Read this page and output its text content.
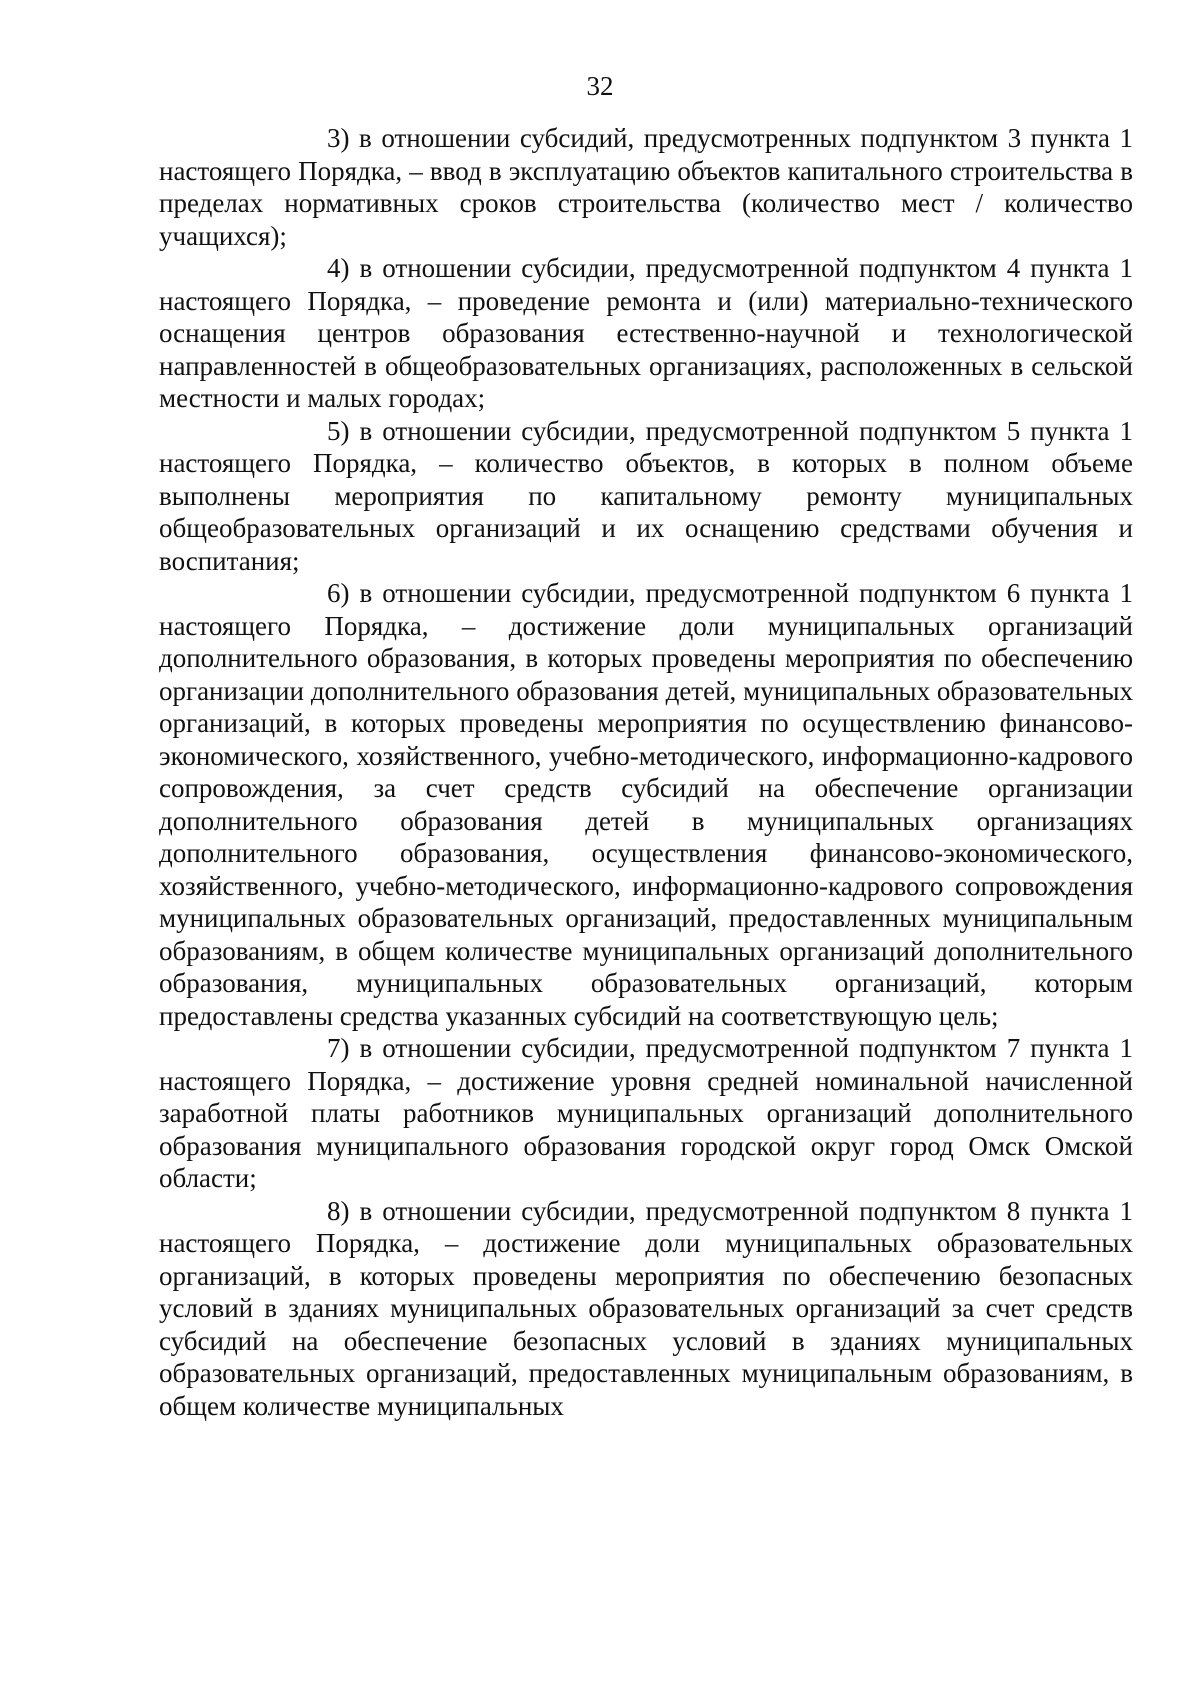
32

3) в отношении субсидий, предусмотренных подпунктом 3 пункта 1 настоящего Порядка, – ввод в эксплуатацию объектов капитального строительства в пределах нормативных сроков строительства (количество мест / количество учащихся);

4) в отношении субсидии, предусмотренной подпунктом 4 пункта 1 настоящего Порядка, – проведение ремонта и (или) материально-технического оснащения центров образования естественно-научной и технологической направленностей в общеобразовательных организациях, расположенных в сельской местности и малых городах;

5) в отношении субсидии, предусмотренной подпунктом 5 пункта 1 настоящего Порядка, – количество объектов, в которых в полном объеме выполнены мероприятия по капитальному ремонту муниципальных общеобразовательных организаций и их оснащению средствами обучения и воспитания;

6) в отношении субсидии, предусмотренной подпунктом 6 пункта 1 настоящего Порядка, – достижение доли муниципальных организаций дополнительного образования, в которых проведены мероприятия по обеспечению организации дополнительного образования детей, муниципальных образовательных организаций, в которых проведены мероприятия по осуществлению финансово-экономического, хозяйственного, учебно-методического, информационно-кадрового сопровождения, за счет средств субсидий на обеспечение организации дополнительного образования детей в муниципальных организациях дополнительного образования, осуществления финансово-экономического, хозяйственного, учебно-методического, информационно-кадрового сопровождения муниципальных образовательных организаций, предоставленных муниципальным образованиям, в общем количестве муниципальных организаций дополнительного образования, муниципальных образовательных организаций, которым предоставлены средства указанных субсидий на соответствующую цель;

7) в отношении субсидии, предусмотренной подпунктом 7 пункта 1 настоящего Порядка, – достижение уровня средней номинальной начисленной заработной платы работников муниципальных организаций дополнительного образования муниципального образования городской округ город Омск Омской области;

8) в отношении субсидии, предусмотренной подпунктом 8 пункта 1 настоящего Порядка, – достижение доли муниципальных образовательных организаций, в которых проведены мероприятия по обеспечению безопасных условий в зданиях муниципальных образовательных организаций за счет средств субсидий на обеспечение безопасных условий в зданиях муниципальных образовательных организаций, предоставленных муниципальным образованиям, в общем количестве муниципальных
